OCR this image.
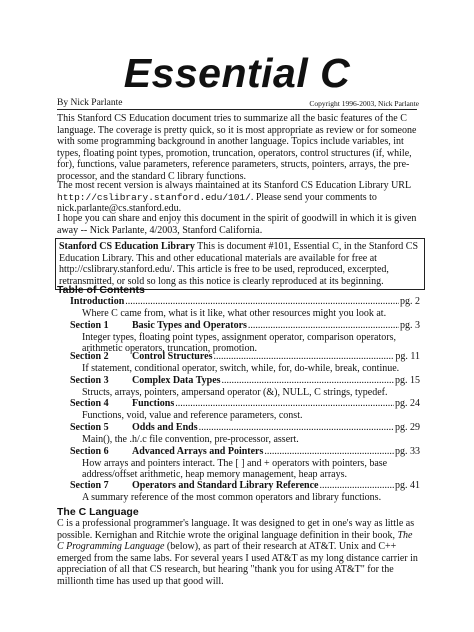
Essential C
By Nick Parlante	Copyright 1996-2003, Nick Parlante

This Stanford CS Education document tries to summarize all the basic features of the C language. The coverage is pretty quick, so it is most appropriate as review or for someone with some programming background in another language. Topics include variables, int types, floating point types, promotion, truncation, operators, control structures (if, while, for), functions, value parameters, reference parameters, structs, pointers, arrays, the pre-processor, and the standard C library functions.

The most recent version is always maintained at its Stanford CS Education Library URL http://cslibrary.stanford.edu/101/. Please send your comments to nick.parlante@cs.stanford.edu.

I hope you can share and enjoy this document in the spirit of goodwill in which it is given away -- Nick Parlante, 4/2003, Stanford California.

Stanford CS Education Library This is document #101, Essential C, in the Stanford CS Education Library. This and other educational materials are available for free at http://cslibrary.stanford.edu/. This article is free to be used, reproduced, excerpted, retransmitted, or sold so long as this notice is clearly reproduced at its beginning.
Table of Contents
Introduction .....	pg. 2
Where C came from, what is it like, what other resources might you look at.
Section 1	Basic Types and Operators .....	pg. 3
Integer types, floating point types, assignment operator, comparison operators, arithmetic operators, truncation, promotion.
Section 2	Control Structures .....	pg. 11
If statement, conditional operator, switch, while, for, do-while, break, continue.
Section 3	Complex Data Types .....	pg. 15
Structs, arrays, pointers, ampersand operator (&), NULL, C strings, typedef.
Section 4	Functions .....	pg. 24
Functions, void, value and reference parameters, const.
Section 5	Odds and Ends .....	pg. 29
Main(), the .h/.c file convention, pre-processor, assert.
Section 6	Advanced Arrays and Pointers .....	pg. 33
How arrays and pointers interact. The [ ] and + operators with pointers, base address/offset arithmetic, heap memory management, heap arrays.
Section 7	Operators and Standard Library Reference .....	pg. 41
A summary reference of the most common operators and library functions.
The C Language

C is a professional programmer's language. It was designed to get in one's way as little as possible. Kernighan and Ritchie wrote the original language definition in their book, The C Programming Language (below), as part of their research at AT&T. Unix and C++ emerged from the same labs. For several years I used AT&T as my long distance carrier in appreciation of all that CS research, but hearing "thank you for using AT&T" for the millionth time has used up that good will.
